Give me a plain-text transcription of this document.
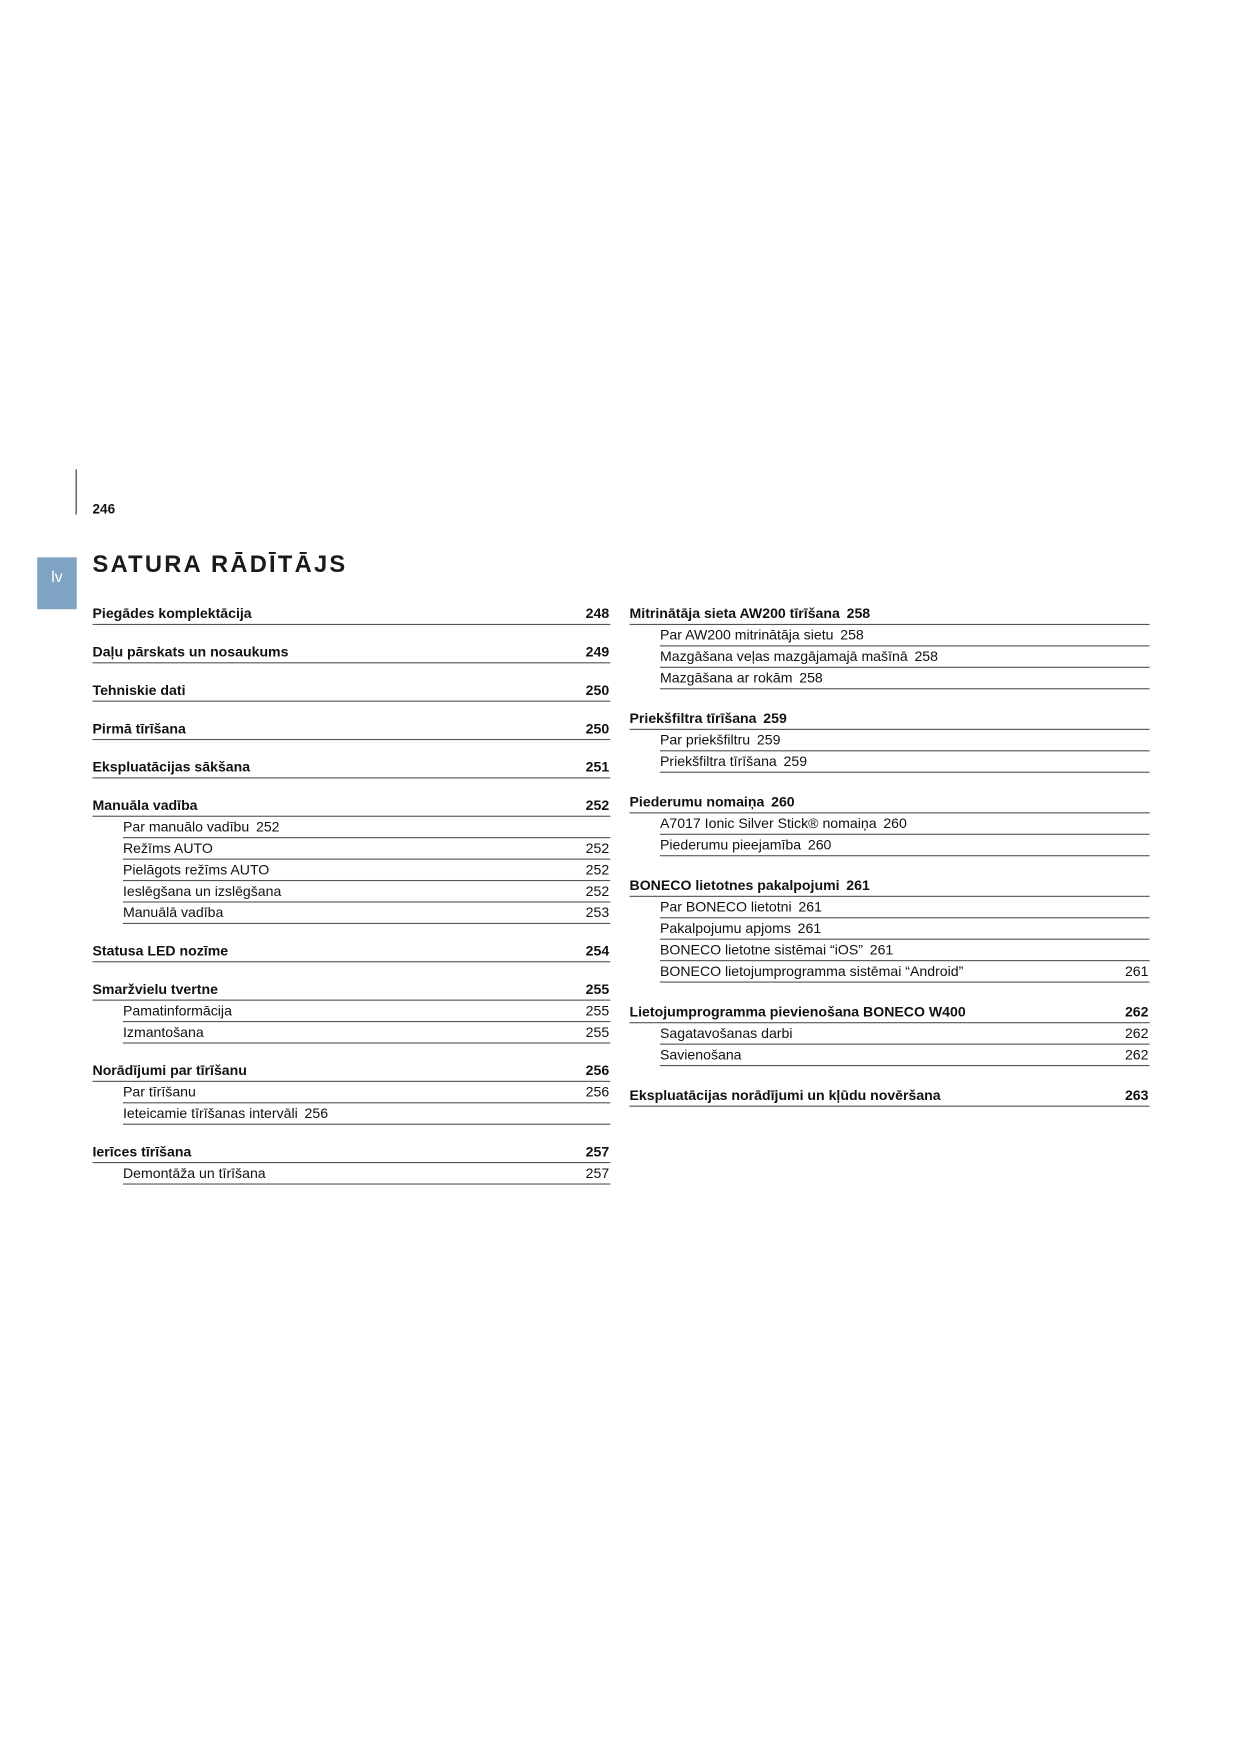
246
lv	SATURA RĀDĪTĀJS
Piegādes komplektācija	248
Daļu pārskats un nosaukums	249
Tehniskie dati	250
Pirmā tīrīšana	250
Ekspluatācijas sākšana	251
Manuāla vadība	252
Par manuālo vadību 252
Režīms AUTO	252
Pielāgots režīms AUTO	252
Ieslēgšana un izslēgšana	252
Manuālā vadība	253
Statusa LED nozīme	254
Smaržvielu tvertne	255
Pamatinformācija	255
Izmantošana	255
Norādījumi par tīrīšanu	256
Par tīrīšanu	256
Ieteicamie tīrīšanas intervāli 256
Ierīces tīrīšana	257
Demontāža un tīrīšana	257
Mitrinātāja sieta AW200 tīrīšana 258
Par AW200 mitrinātāja sietu 258
Mazgāšana veļas mazgājamajā mašīnā 258
Mazgāšana ar rokām 258
Priekšfiltra tīrīšana 259
Par priekšfiltru 259
Priekšfiltra tīrīšana 259
Piederumu nomaiņa 260
A7017 Ionic Silver Stick® nomaiņa 260
Piederumu pieejamība 260
BONECO lietotnes pakalpojumi 261
Par BONECO lietotni 261
Pakalpojumu apjoms 261
BONECO lietotne sistēmai “iOS” 261
BONECO lietojumprogramma sistēmai “Android”	261
Lietojumprogramma pievienošana BONECO W400	262
Sagatavošanas darbi	262
Savienošana	262
Ekspluatācijas norādījumi un kļūdu novēršana	263
